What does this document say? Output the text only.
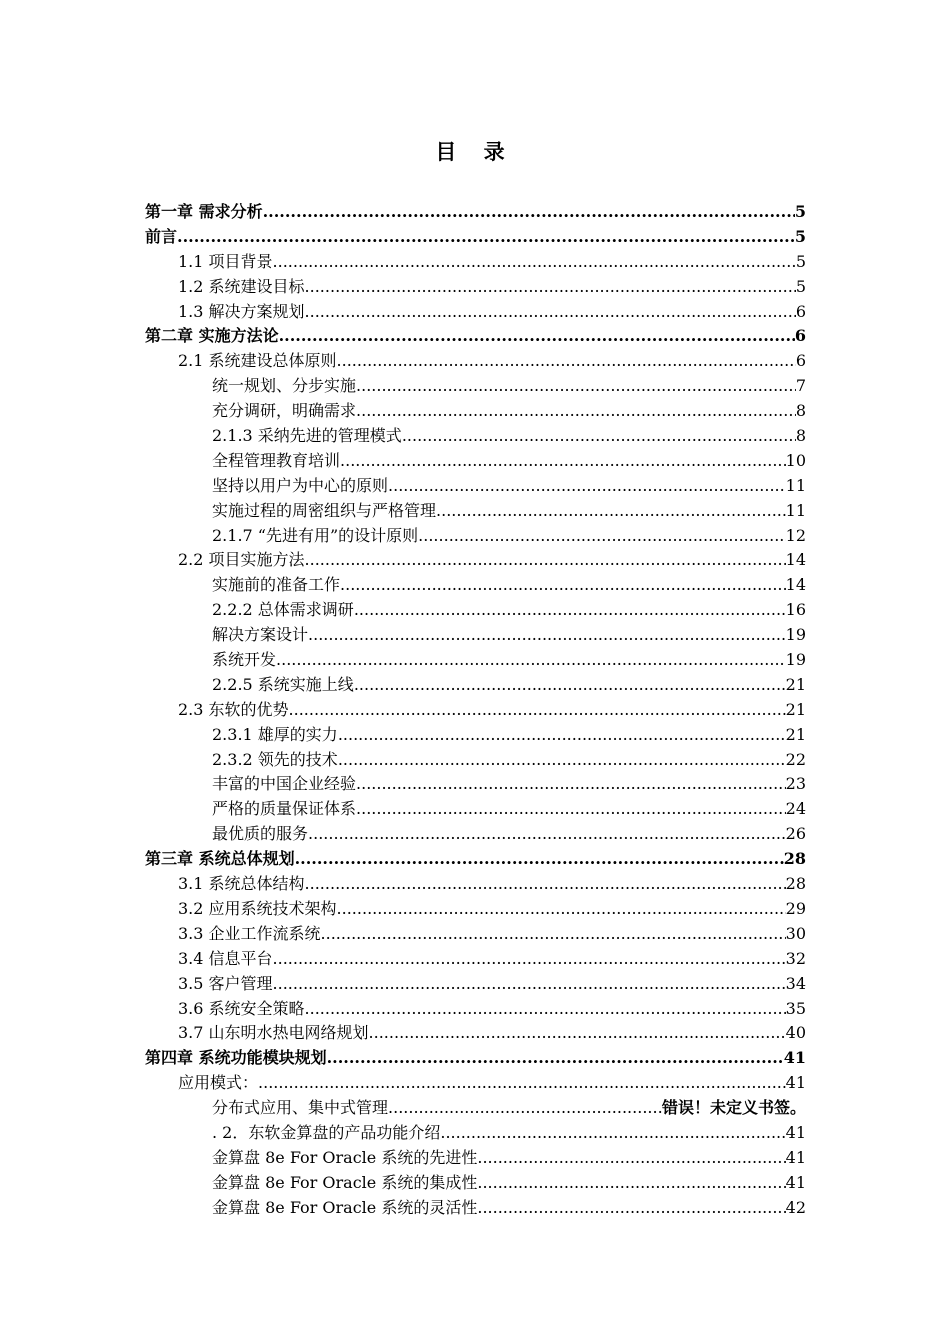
目 录
第一章 需求分析 .....	5
前言 .....	5
1.1 项目背景 .....	5
1.2 系统建设目标 .....	5
1.3 解决方案规划 .....	6
第二章 实施方法论 .....	6
2.1 系统建设总体原则 .....	6
统一规划、分步实施 .....	7
充分调研，明确需求 .....	8
2.1.3 采纳先进的管理模式 .....	8
全程管理教育培训 .....	10
坚持以用户为中心的原则 .....	11
实施过程的周密组织与严格管理 .....	11
2.1.7 “先进有用”的设计原则 .....	12
2.2 项目实施方法 .....	14
实施前的准备工作 .....	14
2.2.2 总体需求调研 .....	16
解决方案设计 .....	19
系统开发 .....	19
2.2.5 系统实施上线 .....	21
2.3 东软的优势 .....	21
2.3.1 雄厚的实力 .....	21
2.3.2 领先的技术 .....	22
丰富的中国企业经验 .....	23
严格的质量保证体系 .....	24
最优质的服务 .....	26
第三章 系统总体规划 .....	28
3.1 系统总体结构 .....	28
3.2 应用系统技术架构 .....	29
3.3 企业工作流系统 .....	30
3.4 信息平台 .....	32
3.5 客户管理 .....	34
3.6 系统安全策略 .....	35
3.7 山东明水热电网络规划 .....	40
第四章 系统功能模块规划 .....	41
应用模式： .....	41
分布式应用、集中式管理 .....	错误！未定义书签。
. 2．东软金算盘的产品功能介绍 .....	41
金算盘 8e For Oracle 系统的先进性 .....	41
金算盘 8e For Oracle 系统的集成性 .....	41
金算盘 8e For Oracle 系统的灵活性 .....	42
